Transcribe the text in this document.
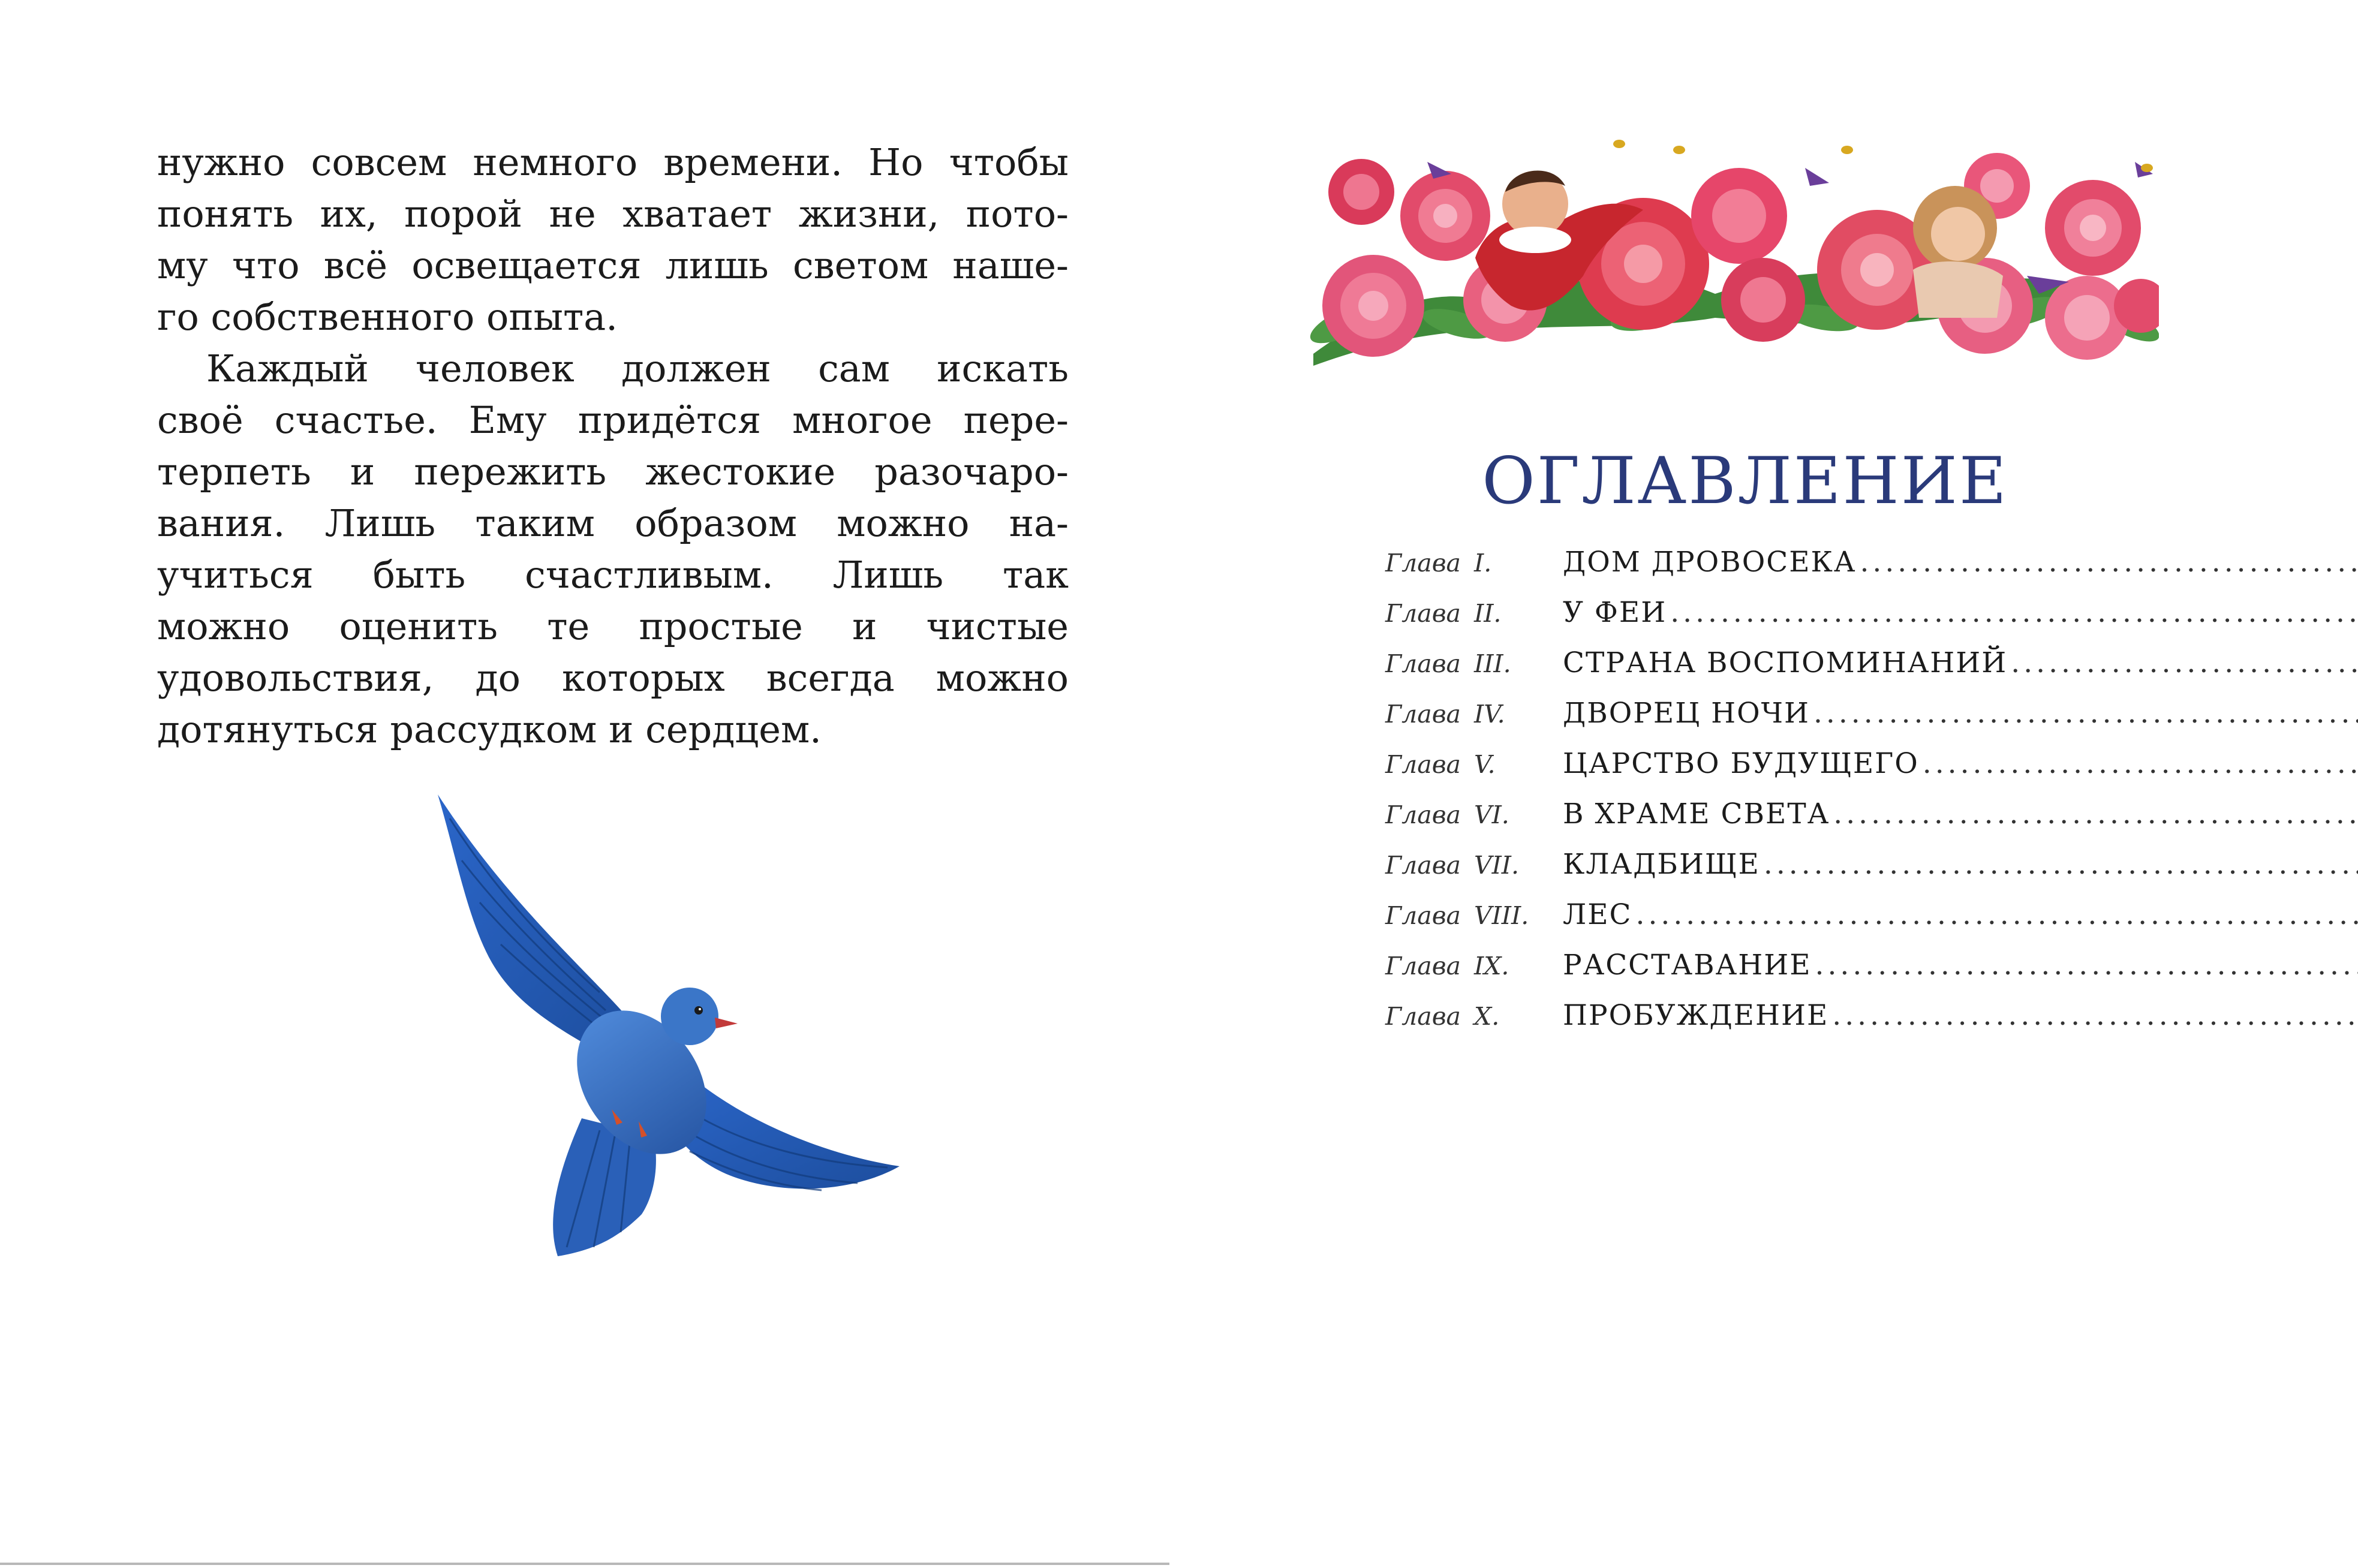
нужно совсем немного времени. Но чтобы
понять их, порой не хватает жизни, пото-
му что всё освещается лишь светом наше-
го собственного опыта.
Каждый человек должен сам искать
своё счастье. Ему придётся многое пере-
терпеть и пережить жестокие разочаро-
вания. Лишь таким образом можно на-
учиться быть счастливым. Лишь так
можно оценить те простые и чистые
удовольствия, до которых всегда можно
дотянуться рассудком и сердцем.
ОГЛАВЛЕНИЕ
Глава I.	ДОМ ДРОВОСЕКА
.....
Глава II.	У ФЕИ
.....
Глава III.	СТРАНА ВОСПОМИНАНИЙ
.....
Глава IV.	ДВОРЕЦ НОЧИ
.....
Глава V.	ЦАРСТВО БУДУЩЕГО
.....
Глава VI.	В ХРАМЕ СВЕТА
.....
Глава VII.	КЛАДБИЩЕ
.....
Глава VIII.	ЛЕС
.....
Глава IX.	РАССТАВАНИЕ
.....
Глава X.	ПРОБУЖДЕНИЕ
.....
